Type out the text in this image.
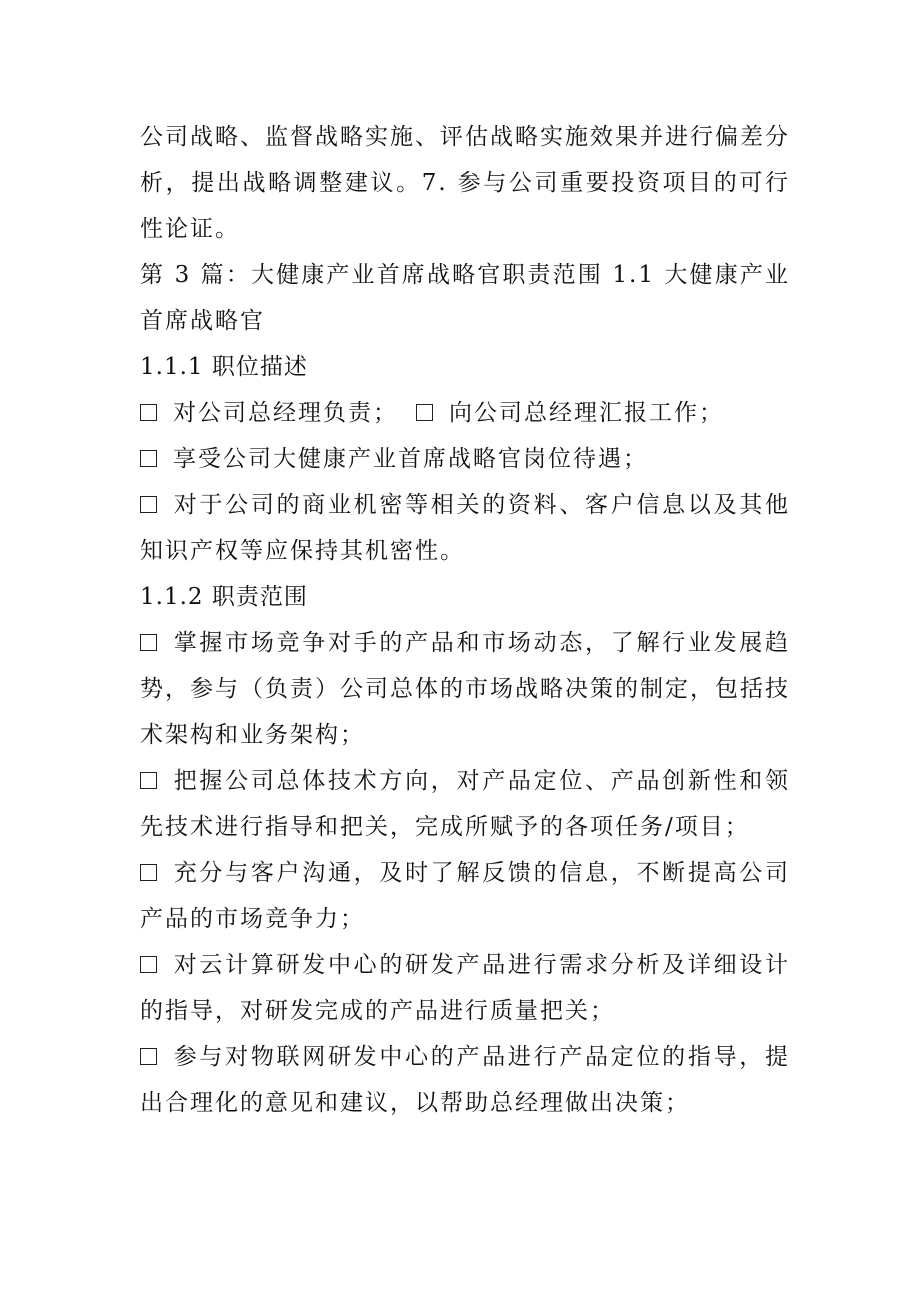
公司战略、监督战略实施、评估战略实施效果并进行偏差分析，提出战略调整建议。7. 参与公司重要投资项目的可行性论证。

第 3 篇：大健康产业首席战略官职责范围 1.1 大健康产业首席战略官

1.1.1 职位描述

对公司总经理负责； 向公司总经理汇报工作；

享受公司大健康产业首席战略官岗位待遇；

对于公司的商业机密等相关的资料、客户信息以及其他知识产权等应保持其机密性。

1.1.2 职责范围

掌握市场竞争对手的产品和市场动态，了解行业发展趋势，参与（负责）公司总体的市场战略决策的制定，包括技术架构和业务架构；

把握公司总体技术方向，对产品定位、产品创新性和领先技术进行指导和把关，完成所赋予的各项任务/项目；

充分与客户沟通，及时了解反馈的信息，不断提高公司产品的市场竞争力；

对云计算研发中心的研发产品进行需求分析及详细设计的指导，对研发完成的产品进行质量把关；

参与对物联网研发中心的产品进行产品定位的指导，提出合理化的意见和建议，以帮助总经理做出决策；
